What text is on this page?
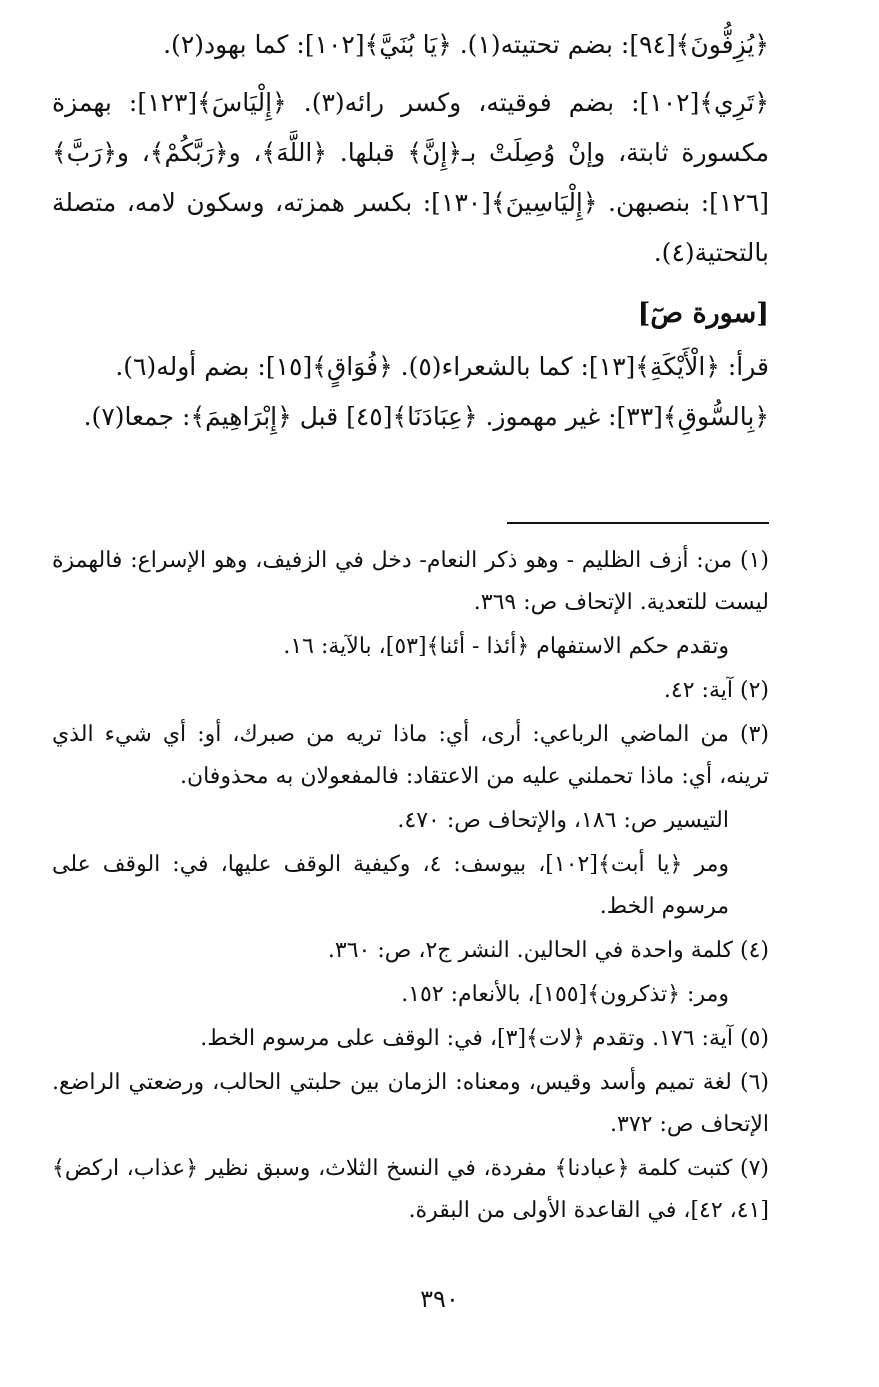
﴿يُزِفُّونَ﴾[٩٤]: بضم تحتيته(١). ﴿يَا بُنَيَّ﴾[١٠٢]: كما بهود(٢).

﴿تَرِي﴾[١٠٢]: بضم فوقيته، وكسر رائه(٣). ﴿إِلْيَاسَ﴾[١٢٣]: بهمزة مكسورة ثابتة، وإنْ وُصِلَتْ بـ﴿إِنَّ﴾ قبلها. ﴿اللَّهَ﴾، و﴿رَبَّكُمْ﴾، و﴿رَبَّ﴾[١٢٦]: بنصبهن. ﴿إِلْيَاسِينَ﴾[١٣٠]: بكسر همزته، وسكون لامه، متصلة بالتحتية(٤).

[سورة صٓ]

قرأ: ﴿الْأَيْكَةِ﴾[١٣]: كما بالشعراء(٥). ﴿فُوَاقٍ﴾[١٥]: بضم أوله(٦).

﴿بِالسُّوقِ﴾[٣٣]: غير مهموز. ﴿عِبَادَنَا﴾[٤٥] قبل ﴿إِبْرَاهِيمَ﴾: جمعا(٧).

(١) من: أزف الظليم - وهو ذكر النعام- دخل في الزفيف، وهو الإسراع: فالهمزة ليست للتعدية. الإتحاف ص: ٣٦٩.

وتقدم حكم الاستفهام ﴿أئذا - أئنا﴾[٥٣]، بالآية: ١٦.

(٢) آية: ٤٢.

(٣) من الماضي الرباعي: أرى، أي: ماذا تريه من صبرك، أو: أي شيء الذي ترينه، أي: ماذا تحملني عليه من الاعتقاد: فالمفعولان به محذوفان.

التيسير ص: ١٨٦، والإتحاف ص: ٤٧٠.

ومر ﴿يا أبت﴾[١٠٢]، بيوسف: ٤، وكيفية الوقف عليها، في: الوقف على مرسوم الخط.

(٤) كلمة واحدة في الحالين. النشر ج٢، ص: ٣٦٠.

ومر: ﴿تذكرون﴾[١٥٥]، بالأنعام: ١٥٢.

(٥) آية: ١٧٦. وتقدم ﴿لات﴾[٣]، في: الوقف على مرسوم الخط.

(٦) لغة تميم وأسد وقيس، ومعناه: الزمان بين حلبتي الحالب، ورضعتي الراضع. الإتحاف ص: ٣٧٢.

(٧) كتبت كلمة ﴿عبادنا﴾ مفردة، في النسخ الثلاث، وسبق نظير ﴿عذاب، اركض﴾[٤١، ٤٢]، في القاعدة الأولى من البقرة.

٣٩٠
